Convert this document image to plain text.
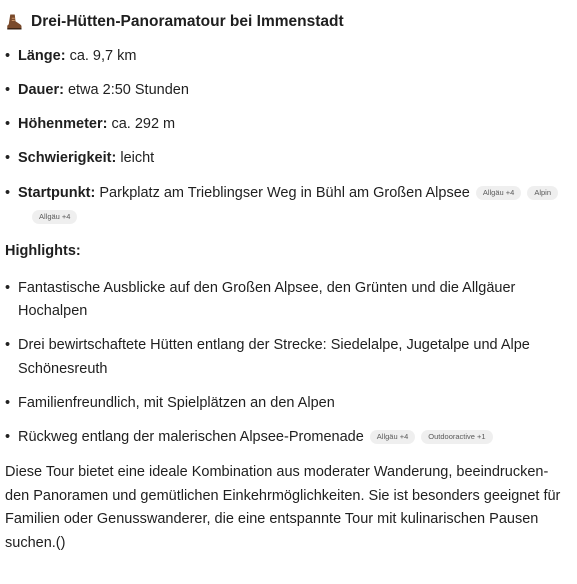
Drei-Hütten-Panoramatour bei Immenstadt
• Länge: ca. 9,7 km
• Dauer: etwa 2:50 Stunden
• Höhenmeter: ca. 292 m
• Schwierigkeit: leicht
• Startpunkt: Parkplatz am Trieblingser Weg in Bühl am Großen Alpsee Allgäu +4	AlpinAllgäu +4
Highlights:
• Fantastische Ausblicke auf den Großen Alpsee, den Grünten und die Allgäuer Hochalpen
• Drei bewirtschaftete Hütten entlang der Strecke: Siedelalpe, Jugetalpe und Alpe Schönesreuth
• Familienfreundlich, mit Spielplätzen an den Alpen
• Rückweg entlang der malerischen Alpsee-Promenade Allgäu +4	Outdooractive +1
Diese Tour bietet eine ideale Kombination aus moderater Wanderung, beeindruckenden Panoramen und gemütlichen Einkehrmöglichkeiten. Sie ist besonders geeignet für Familien oder Genusswanderer, die eine entspannte Tour mit kulinarischen Pausen suchen.()
